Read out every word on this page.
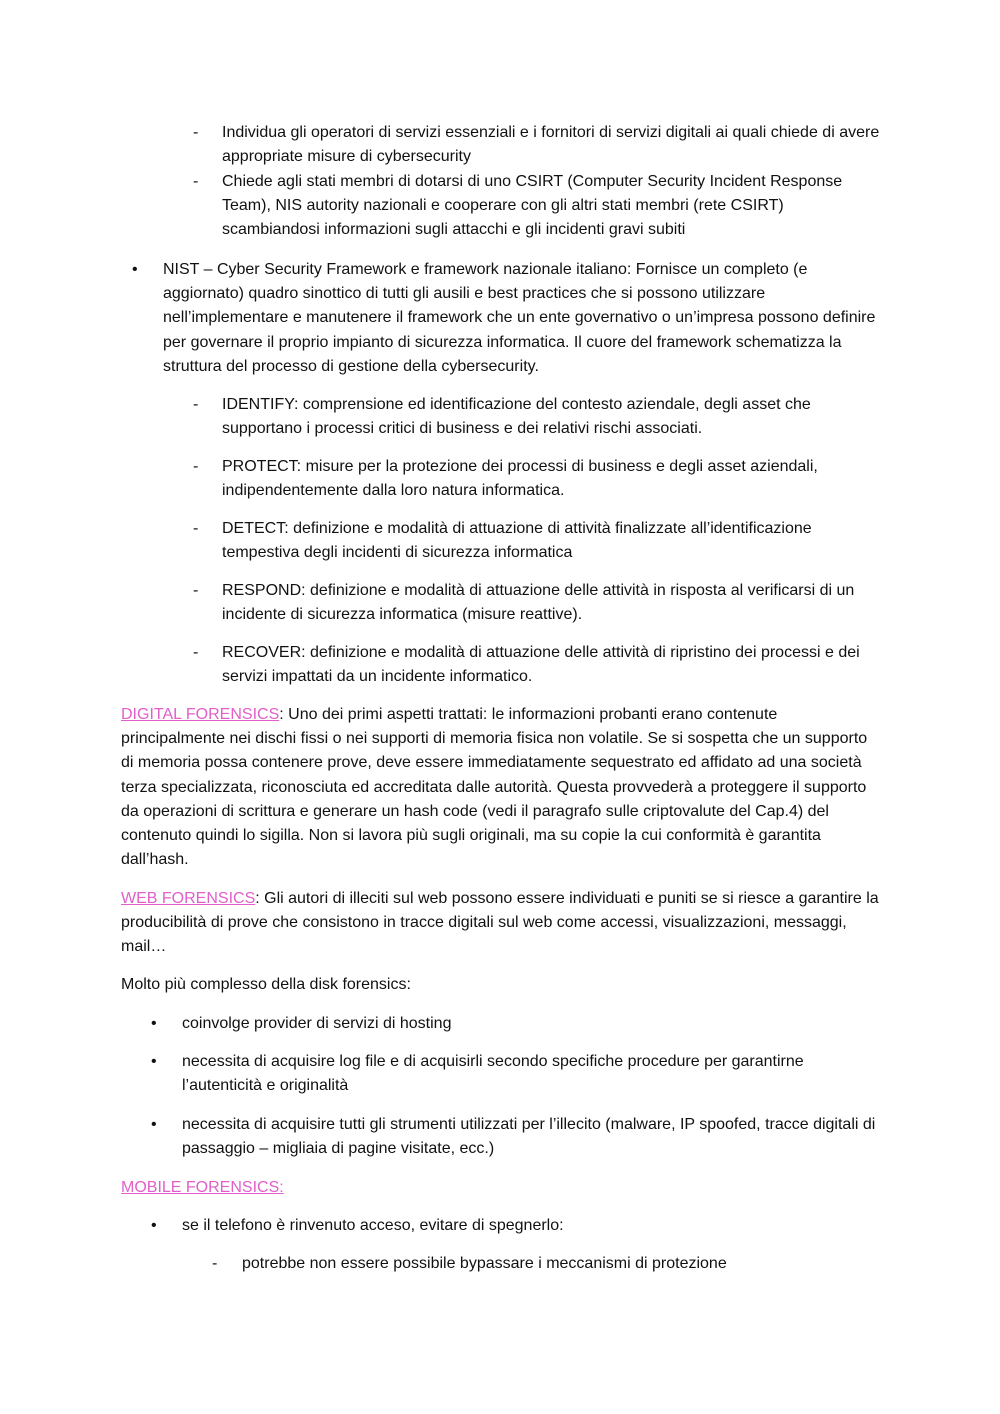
- Individua gli operatori di servizi essenziali e i fornitori di servizi digitali ai quali chiede di avere appropriate misure di cybersecurity
- Chiede agli stati membri di dotarsi di uno CSIRT (Computer Security Incident Response Team), NIS autority nazionali e cooperare con gli altri stati membri (rete CSIRT) scambiandosi informazioni sugli attacchi e gli incidenti gravi subiti
• NIST – Cyber Security Framework e framework nazionale italiano: Fornisce un completo (e aggiornato) quadro sinottico di tutti gli ausili e best practices che si possono utilizzare nell’implementare e manutenere il framework che un ente governativo o un’impresa possono definire per governare il proprio impianto di sicurezza informatica. Il cuore del framework schematizza la struttura del processo di gestione della cybersecurity.
- IDENTIFY: comprensione ed identificazione del contesto aziendale, degli asset che supportano i processi critici di business e dei relativi rischi associati.
- PROTECT: misure per la protezione dei processi di business e degli asset aziendali, indipendentemente dalla loro natura informatica.
- DETECT: definizione e modalità di attuazione di attività finalizzate all’identificazione tempestiva degli incidenti di sicurezza informatica
- RESPOND: definizione e modalità di attuazione delle attività in risposta al verificarsi di un incidente di sicurezza informatica (misure reattive).
- RECOVER: definizione e modalità di attuazione delle attività di ripristino dei processi e dei servizi impattati da un incidente informatico.

DIGITAL FORENSICS: Uno dei primi aspetti trattati: le informazioni probanti erano contenute principalmente nei dischi fissi o nei supporti di memoria fisica non volatile. Se si sospetta che un supporto di memoria possa contenere prove, deve essere immediatamente sequestrato ed affidato ad una società terza specializzata, riconosciuta ed accreditata dalle autorità. Questa provvederà a proteggere il supporto da operazioni di scrittura e generare un hash code (vedi il paragrafo sulle criptovalute del Cap.4) del contenuto quindi lo sigilla. Non si lavora più sugli originali, ma su copie la cui conformità è garantita dall’hash.

WEB FORENSICS: Gli autori di illeciti sul web possono essere individuati e puniti se si riesce a garantire la producibilità di prove che consistono in tracce digitali sul web come accessi, visualizzazioni, messaggi, mail…

Molto più complesso della disk forensics:

• coinvolge provider di servizi di hosting
• necessita di acquisire log file e di acquisirli secondo specifiche procedure per garantirne l’autenticità e originalità
• necessita di acquisire tutti gli strumenti utilizzati per l’illecito (malware, IP spoofed, tracce digitali di passaggio – migliaia di pagine visitate, ecc.)

MOBILE FORENSICS:

• se il telefono è rinvenuto acceso, evitare di spegnerlo:
- potrebbe non essere possibile bypassare i meccanismi di protezione
